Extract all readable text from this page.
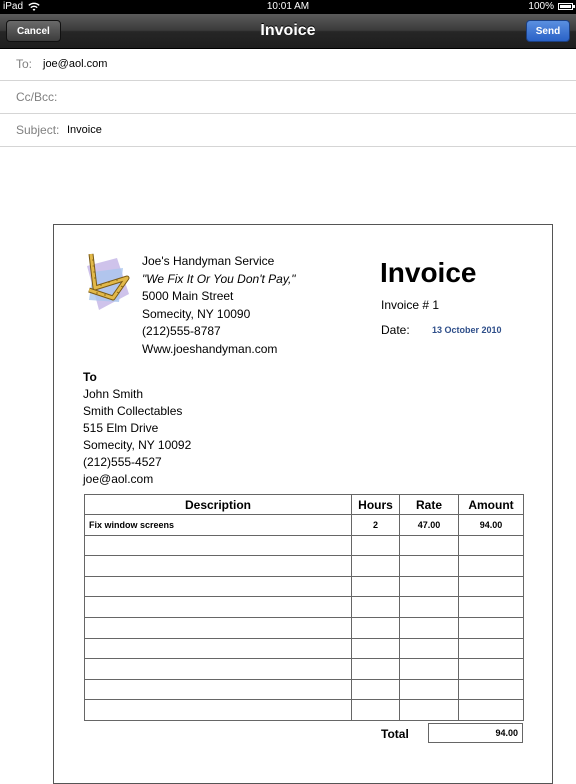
iPad	10:01 AM	100%
Invoice
Cancel	Send
To: joe@aol.com
Cc/Bcc:
Subject: Invoice
Joe's Handyman Service
"We Fix It Or You Don't Pay,"
5000 Main Street
Somecity, NY 10090
(212)555-8787
Www.joeshandyman.com
Invoice
Invoice # 1
Date: 13 October 2010
To
John Smith
Smith Collectables
515 Elm Drive
Somecity, NY 10092
(212)555-4527
joe@aol.com
Description	Hours	Rate	Amount
Fix window screens	2	47.00	94.00

Total	94.00
